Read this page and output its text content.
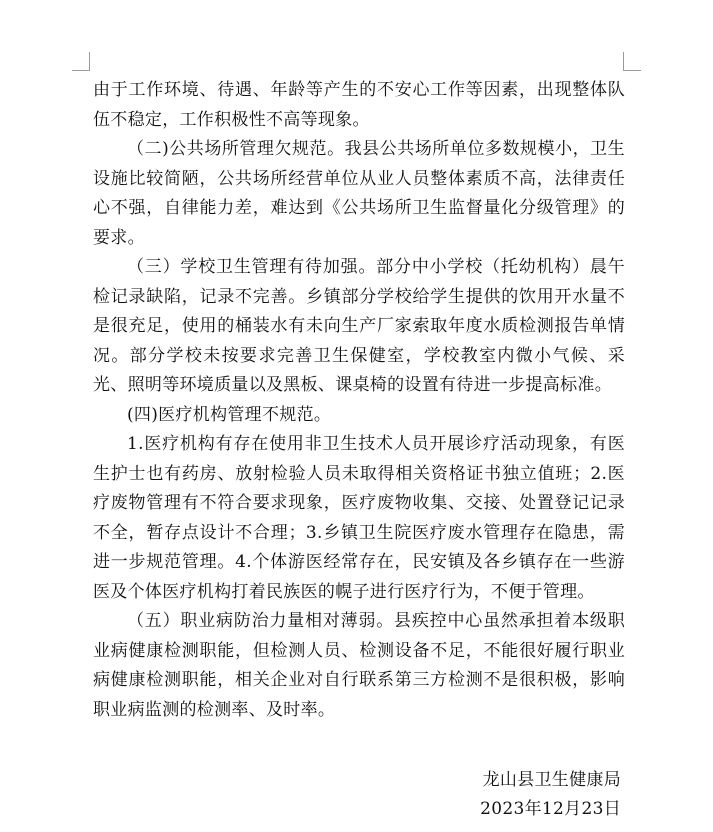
由于工作环境、待遇、年龄等产生的不安心工作等因素，出现整体队伍不稳定，工作积极性不高等现象。

（二)公共场所管理欠规范。我县公共场所单位多数规模小，卫生设施比较简陋，公共场所经营单位从业人员整体素质不高，法律责任心不强，自律能力差，难达到《公共场所卫生监督量化分级管理》的要求。

（三）学校卫生管理有待加强。部分中小学校（托幼机构）晨午检记录缺陷，记录不完善。乡镇部分学校给学生提供的饮用开水量不是很充足，使用的桶装水有未向生产厂家索取年度水质检测报告单情况。部分学校未按要求完善卫生保健室，学校教室内微小气候、采光、照明等环境质量以及黑板、课桌椅的设置有待进一步提高标准。

(四)医疗机构管理不规范。

1.医疗机构有存在使用非卫生技术人员开展诊疗活动现象，有医生护士也有药房、放射检验人员未取得相关资格证书独立值班；2.医疗废物管理有不符合要求现象，医疗废物收集、交接、处置登记记录不全，暂存点设计不合理；3.乡镇卫生院医疗废水管理存在隐患，需进一步规范管理。4.个体游医经常存在，民安镇及各乡镇存在一些游医及个体医疗机构打着民族医的幌子进行医疗行为，不便于管理。

（五）职业病防治力量相对薄弱。县疾控中心虽然承担着本级职业病健康检测职能，但检测人员、检测设备不足，不能很好履行职业病健康检测职能，相关企业对自行联系第三方检测不是很积极，影响职业病监测的检测率、及时率。

龙山县卫生健康局
2023年12月23日
